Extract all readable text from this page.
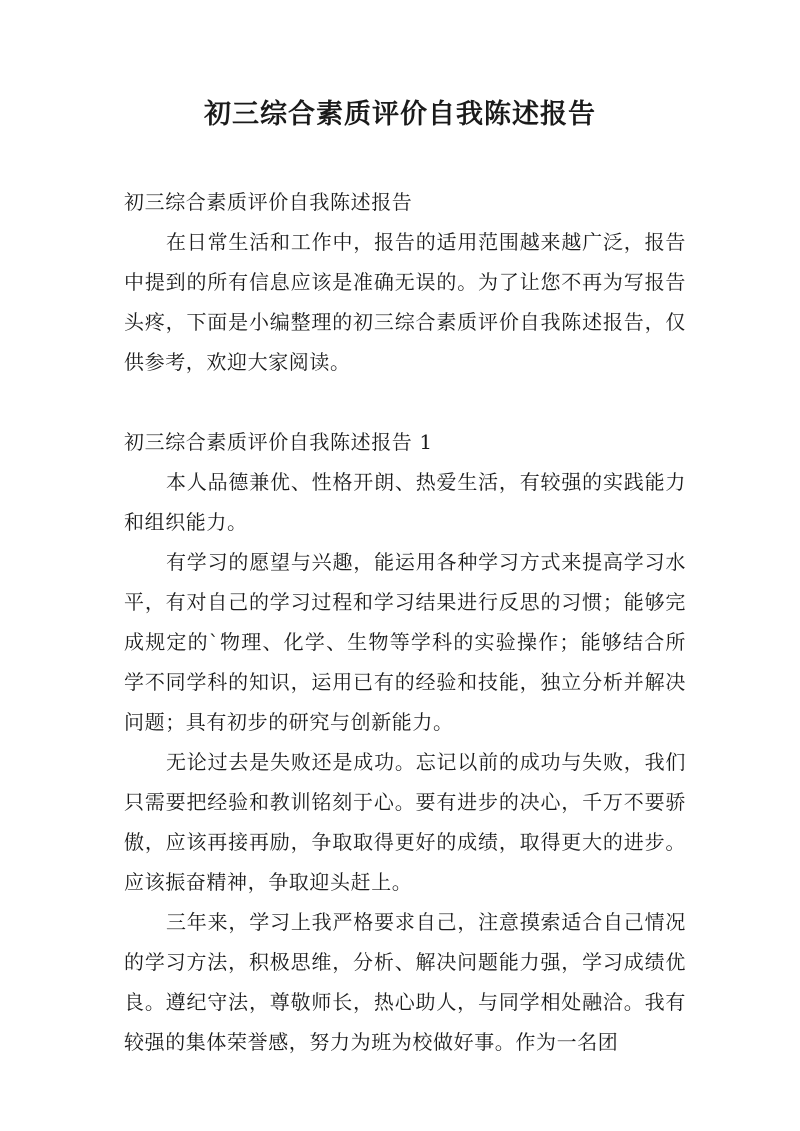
初三综合素质评价自我陈述报告

初三综合素质评价自我陈述报告

在日常生活和工作中，报告的适用范围越来越广泛，报告中提到的所有信息应该是准确无误的。为了让您不再为写报告头疼，下面是小编整理的初三综合素质评价自我陈述报告，仅供参考，欢迎大家阅读。

初三综合素质评价自我陈述报告 1

本人品德兼优、性格开朗、热爱生活，有较强的实践能力和组织能力。

有学习的愿望与兴趣，能运用各种学习方式来提高学习水平，有对自己的学习过程和学习结果进行反思的习惯；能够完成规定的`物理、化学、生物等学科的实验操作；能够结合所学不同学科的知识，运用已有的经验和技能，独立分析并解决问题；具有初步的研究与创新能力。

无论过去是失败还是成功。忘记以前的成功与失败，我们只需要把经验和教训铭刻于心。要有进步的决心，千万不要骄傲，应该再接再励，争取取得更好的成绩，取得更大的进步。应该振奋精神，争取迎头赶上。

三年来，学习上我严格要求自己，注意摸索适合自己情况的学习方法，积极思维，分析、解决问题能力强，学习成绩优良。遵纪守法，尊敬师长，热心助人，与同学相处融洽。我有较强的集体荣誉感，努力为班为校做好事。作为一名团
